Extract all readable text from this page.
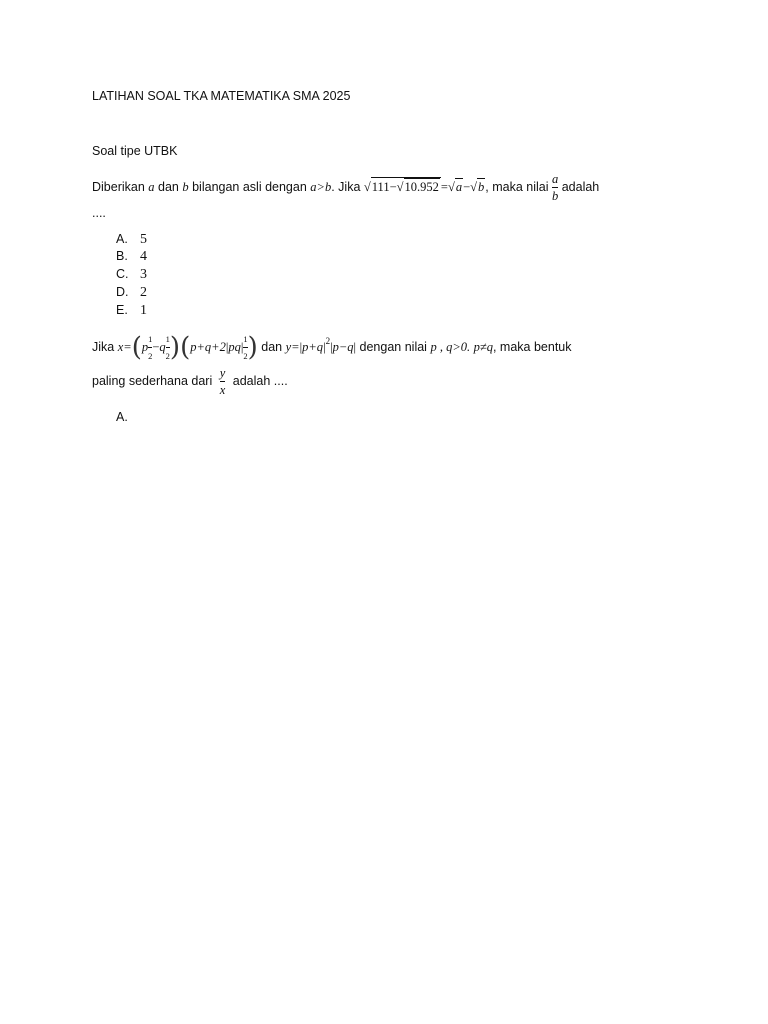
LATIHAN SOAL TKA MATEMATIKA SMA 2025
Soal tipe UTBK
Diberikan a dan b bilangan asli dengan a>b. Jika √111−√10.952 =√a−√b, maka nilai $\frac{a}{b}$ adalah
....
A. 5
B. 4
C. 3
D. 2
E. 1
Jika $x=(p \frac{1}{2} -q \frac{1}{2} )(p+q+2|pq| \frac{1}{2}$ ) dan $y=|p+q|^2|p-q|$ dengan nilai p , q>0. p≠q, maka bentuk
paling sederhana dari $\frac{y}{x}$ adalah ....
A.
